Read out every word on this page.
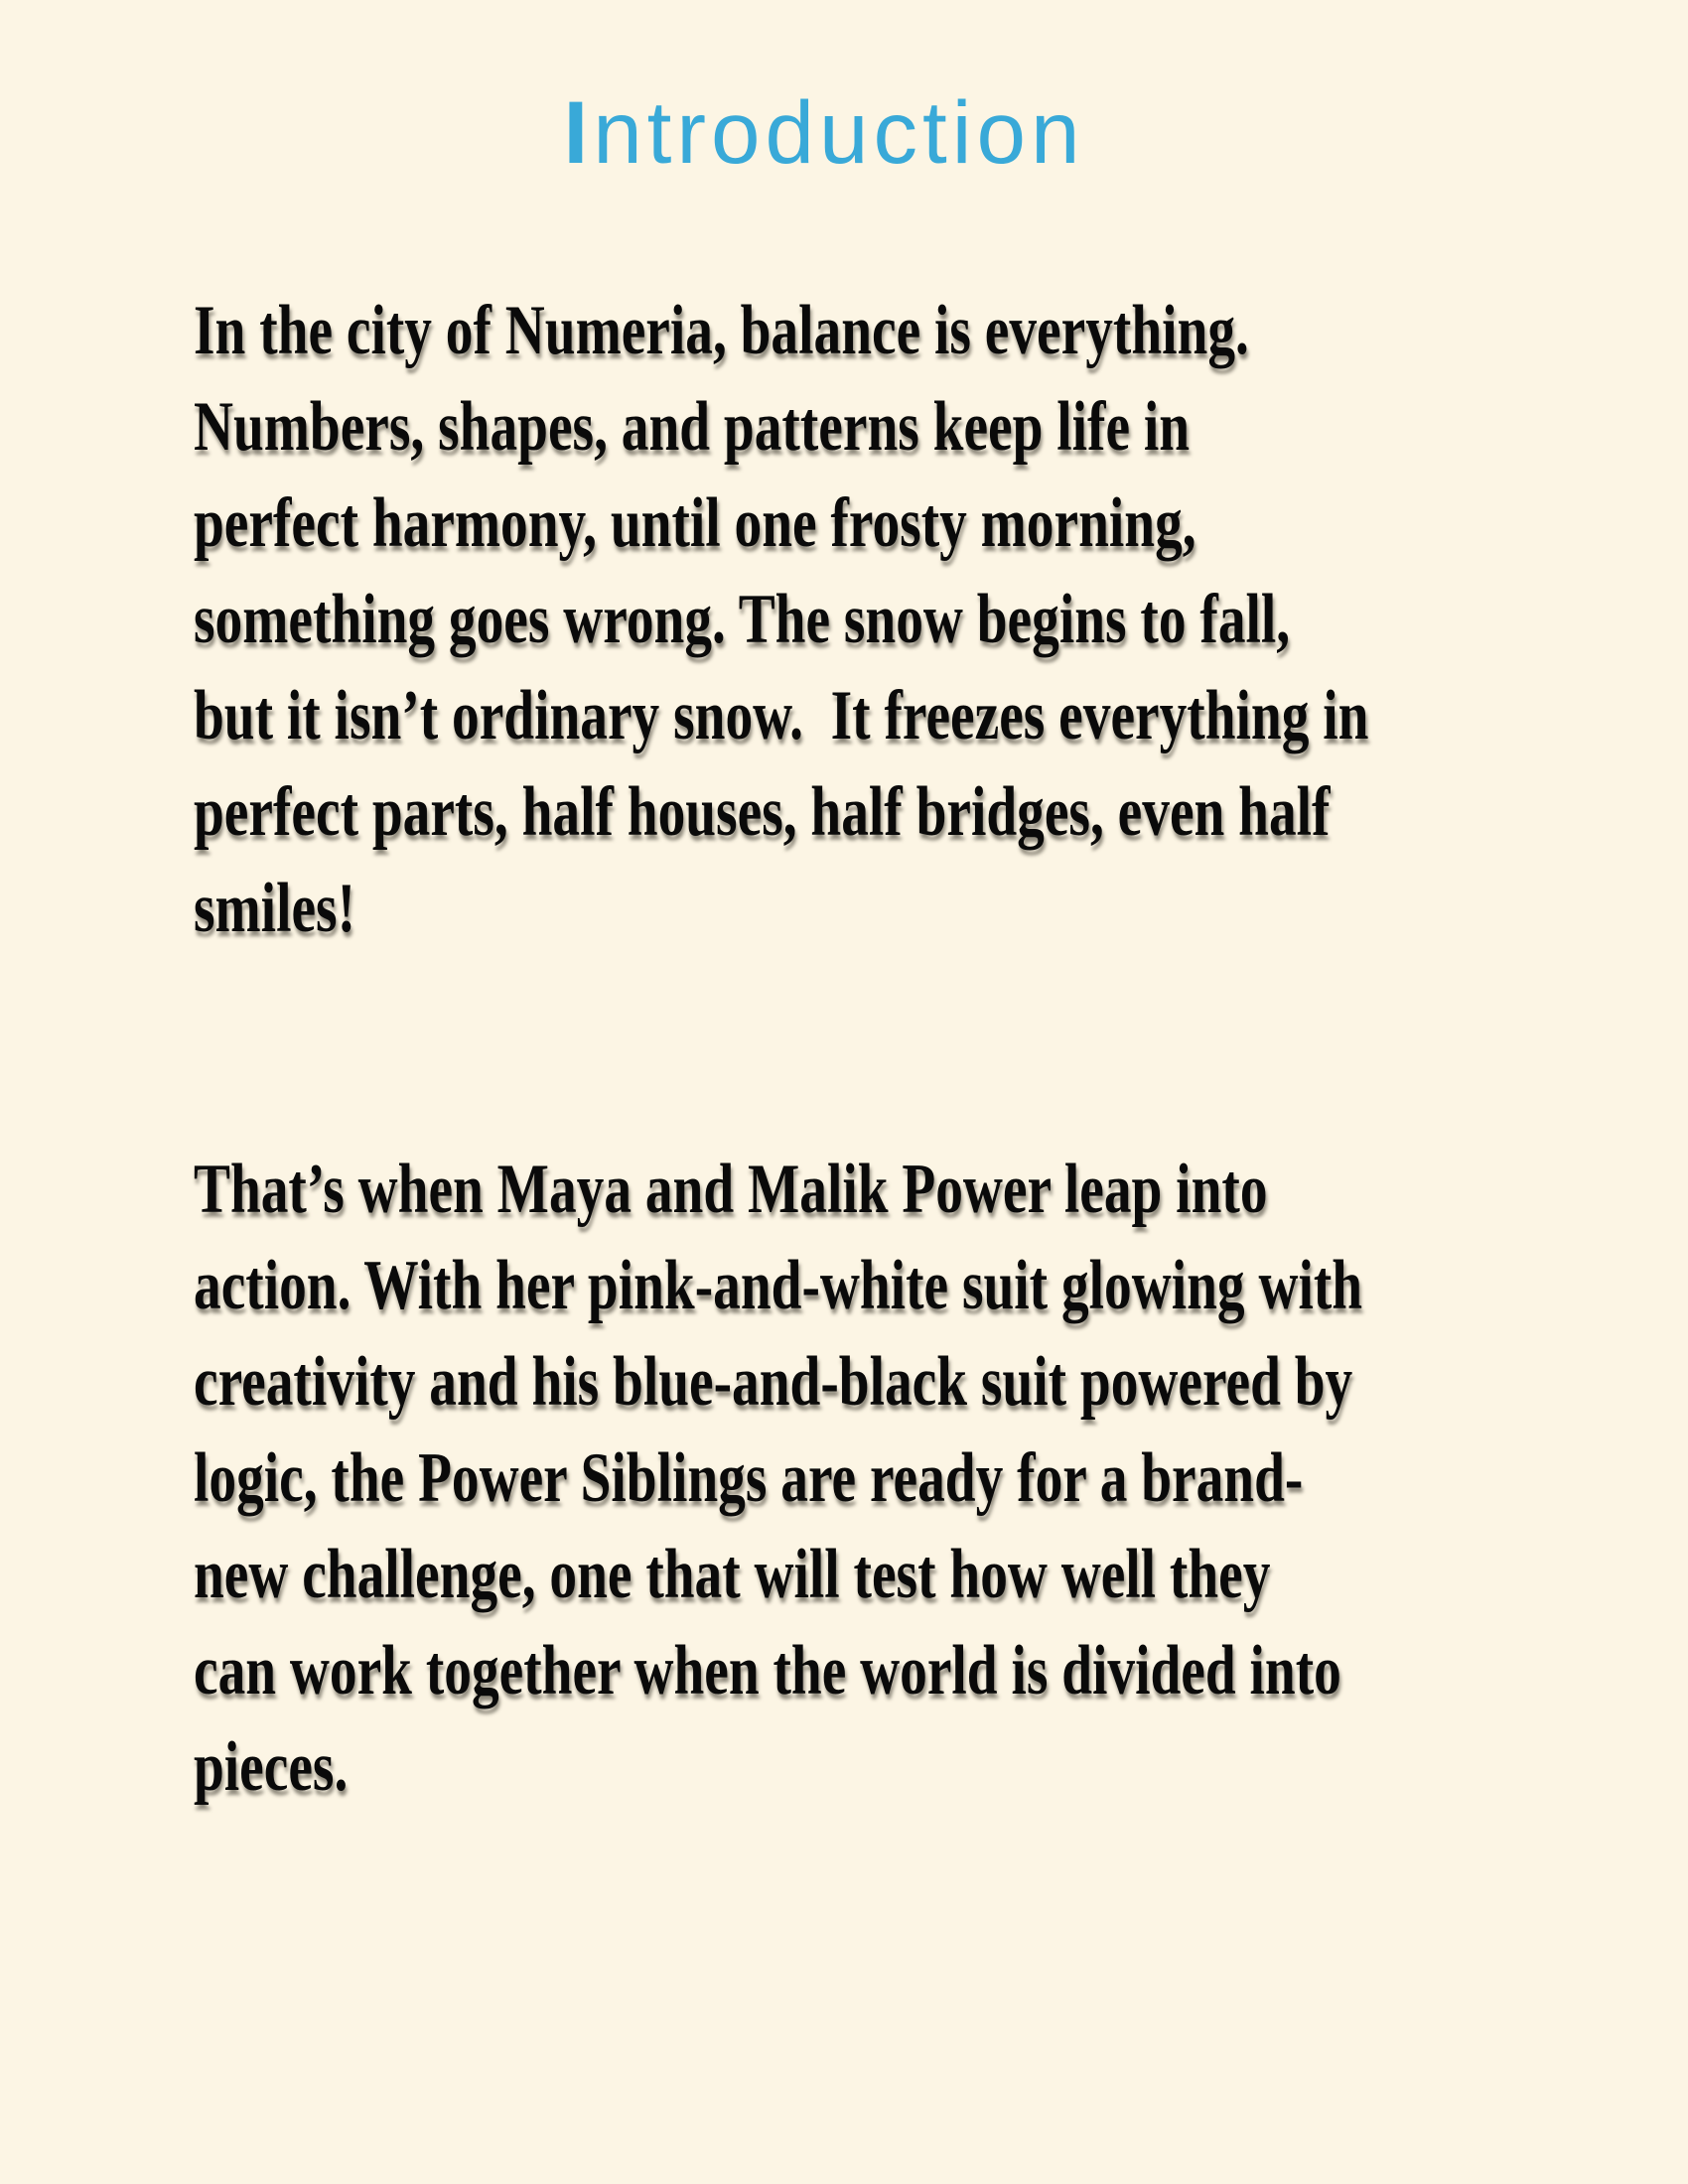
Introduction
In the city of Numeria, balance is everything.
Numbers, shapes, and patterns keep life in
perfect harmony, until one frosty morning,
something goes wrong. The snow begins to fall,
but it isn’t ordinary snow.  It freezes everything in
perfect parts, half houses, half bridges, even half
smiles!
That’s when Maya and Malik Power leap into
action. With her pink-and-white suit glowing with
creativity and his blue-and-black suit powered by
logic, the Power Siblings are ready for a brand-
new challenge, one that will test how well they
can work together when the world is divided into
pieces.
